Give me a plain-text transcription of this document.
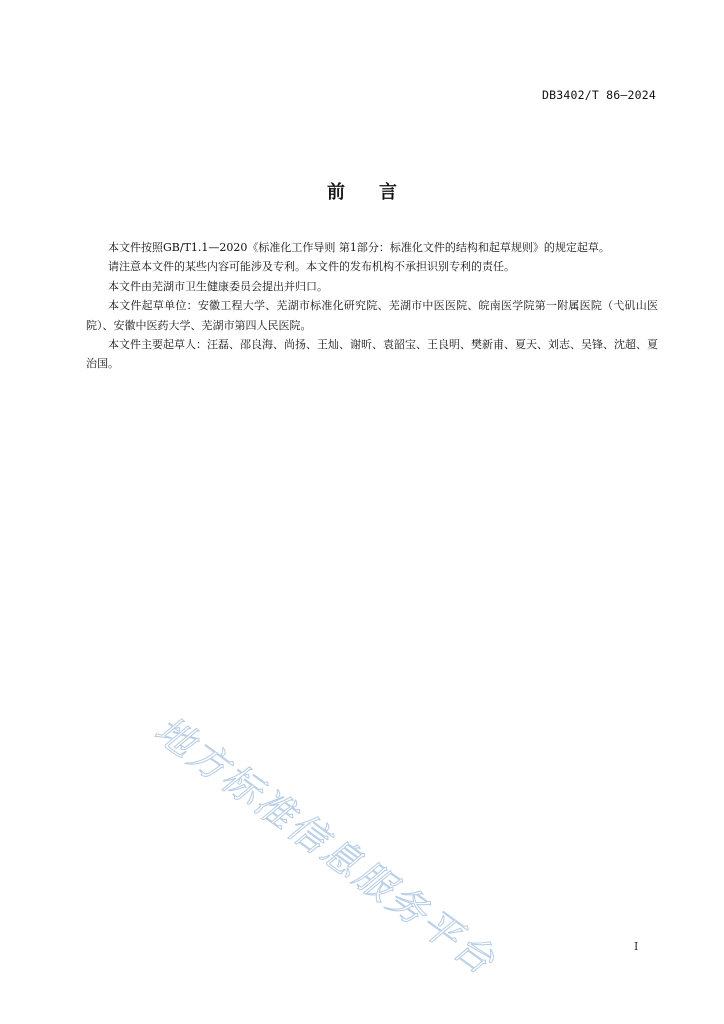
DB3402/T 86—2024
前言

本文件按照GB/T1.1—2020《标准化工作导则 第1部分：标准化文件的结构和起草规则》的规定起草。

请注意本文件的某些内容可能涉及专利。本文件的发布机构不承担识别专利的责任。

本文件由芜湖市卫生健康委员会提出并归口。

本文件起草单位：安徽工程大学、芜湖市标准化研究院、芜湖市中医医院、皖南医学院第一附属医院（弋矶山医院）、安徽中医药大学、芜湖市第四人民医院。

本文件主要起草人：汪磊、邵良海、尚扬、王灿、谢昕、袁韶宝、王良明、樊新甫、夏天、刘志、吴锋、沈超、夏治国。

地方标准信息服务平台	I
